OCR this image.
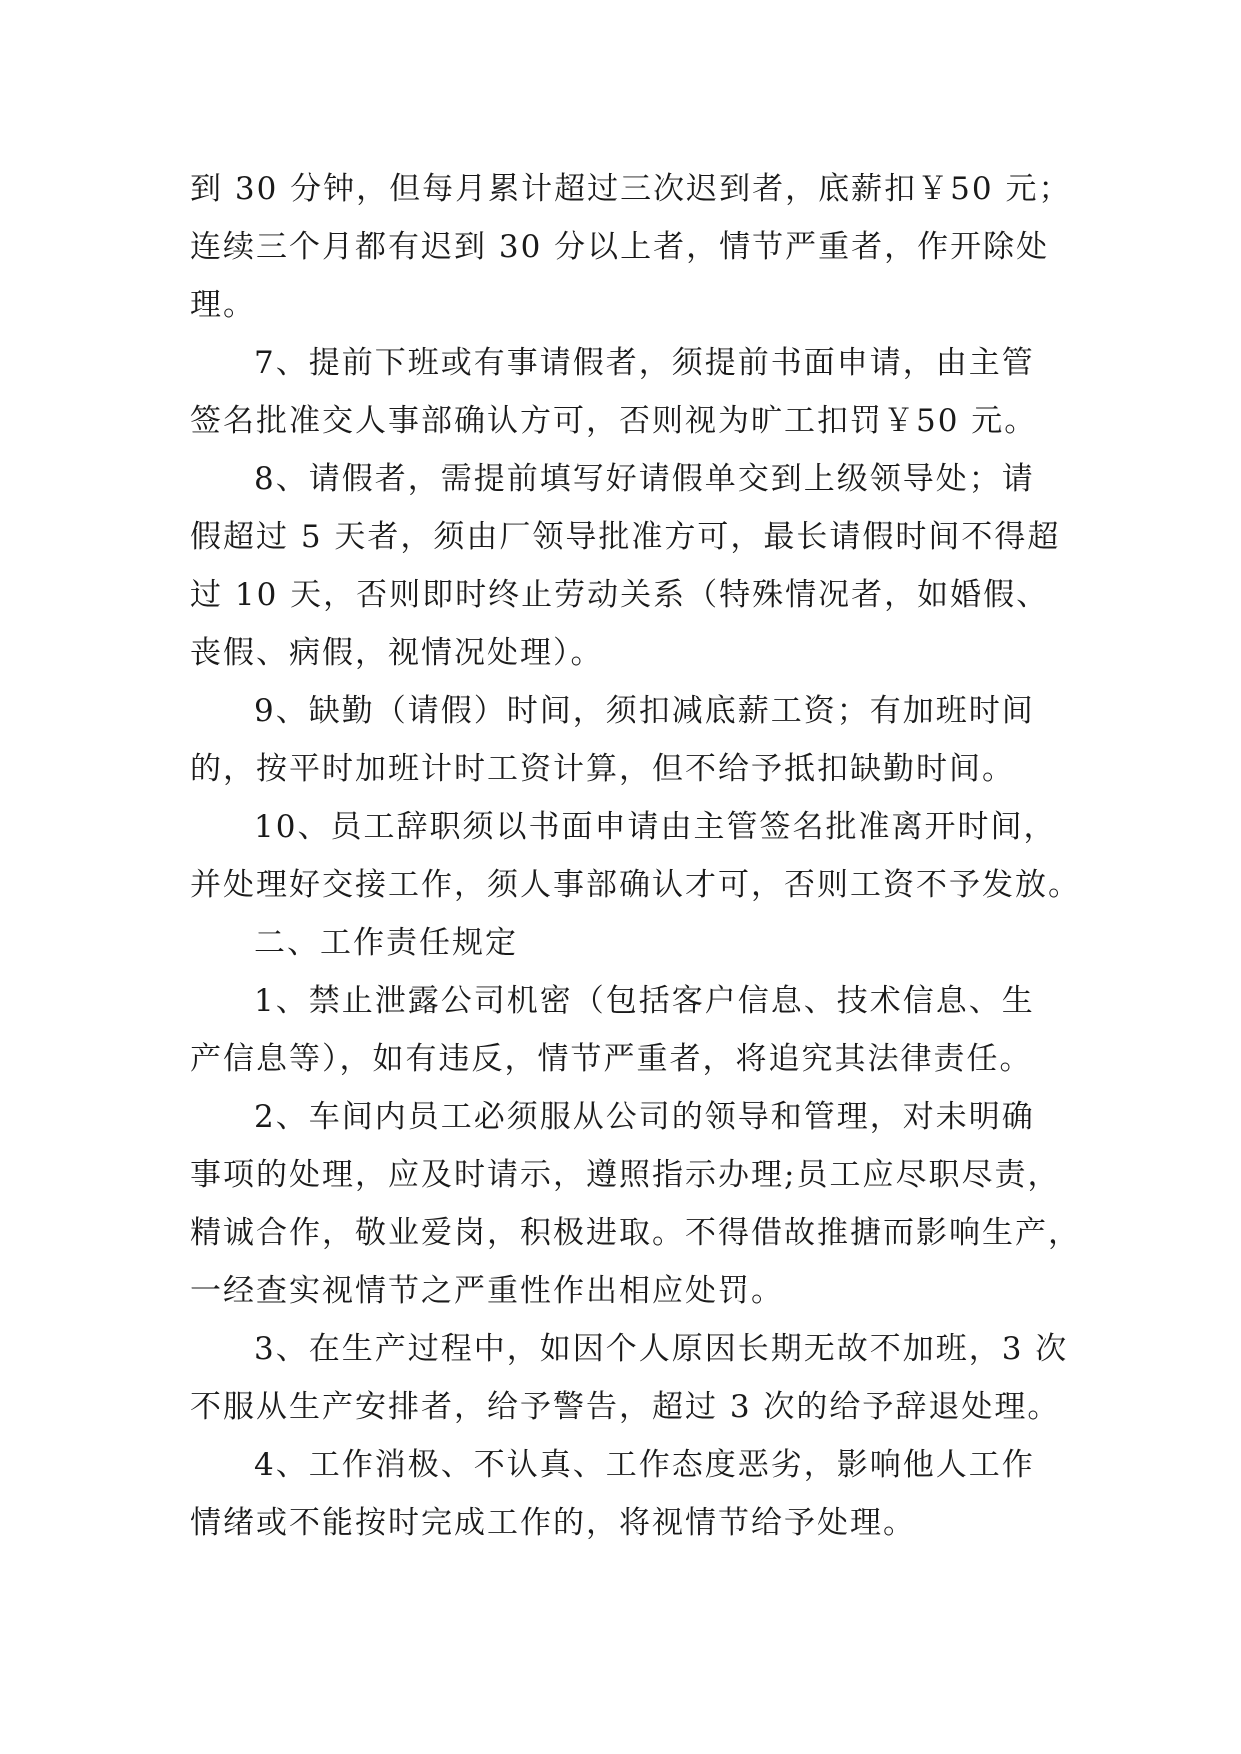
到 30 分钟，但每月累计超过三次迟到者，底薪扣￥50 元；
连续三个月都有迟到 30 分以上者，情节严重者，作开除处
理。
7、提前下班或有事请假者，须提前书面申请，由主管
签名批准交人事部确认方可，否则视为旷工扣罚￥50 元。
8、请假者，需提前填写好请假单交到上级领导处；请
假超过 5 天者，须由厂领导批准方可，最长请假时间不得超
过 10 天，否则即时终止劳动关系（特殊情况者，如婚假、
丧假、病假，视情况处理）。
9、缺勤（请假）时间，须扣减底薪工资；有加班时间
的，按平时加班计时工资计算，但不给予抵扣缺勤时间。
10、员工辞职须以书面申请由主管签名批准离开时间，
并处理好交接工作，须人事部确认才可，否则工资不予发放。
二、工作责任规定
1、禁止泄露公司机密（包括客户信息、技术信息、生
产信息等），如有违反，情节严重者，将追究其法律责任。
2、车间内员工必须服从公司的领导和管理，对未明确
事项的处理，应及时请示，遵照指示办理;员工应尽职尽责，
精诚合作，敬业爱岗，积极进取。不得借故推搪而影响生产，
一经查实视情节之严重性作出相应处罚。
3、在生产过程中，如因个人原因长期无故不加班，3 次
不服从生产安排者，给予警告，超过 3 次的给予辞退处理。
4、工作消极、不认真、工作态度恶劣，影响他人工作
情绪或不能按时完成工作的，将视情节给予处理。
